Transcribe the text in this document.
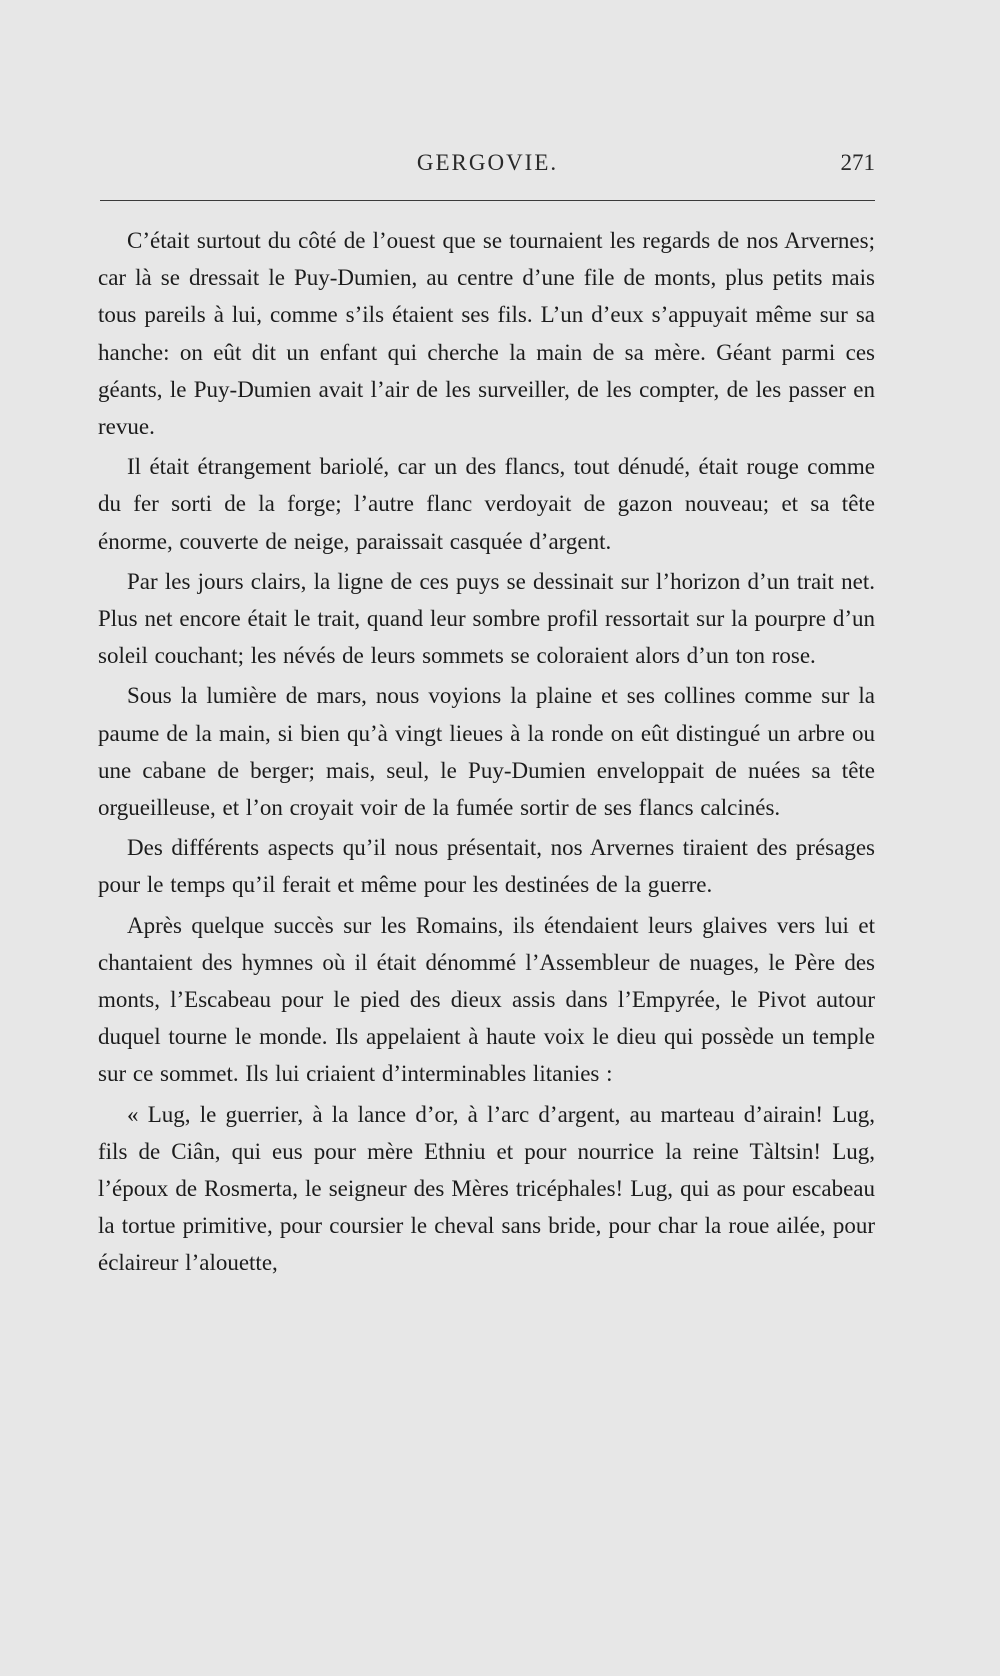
GERGOVIE.	271

C’était surtout du côté de l’ouest que se tournaient les regards de nos Arvernes; car là se dressait le Puy-Dumien, au centre d’une file de monts, plus petits mais tous pareils à lui, comme s’ils étaient ses fils. L’un d’eux s’appuyait même sur sa hanche: on eût dit un enfant qui cherche la main de sa mère. Géant parmi ces géants, le Puy-Dumien avait l’air de les surveiller, de les compter, de les passer en revue.

Il était étrangement bariolé, car un des flancs, tout dénudé, était rouge comme du fer sorti de la forge; l’autre flanc verdoyait de gazon nouveau; et sa tête énorme, couverte de neige, paraissait casquée d’argent.

Par les jours clairs, la ligne de ces puys se dessinait sur l’horizon d’un trait net. Plus net encore était le trait, quand leur sombre profil ressortait sur la pourpre d’un soleil couchant; les névés de leurs sommets se coloraient alors d’un ton rose.

Sous la lumière de mars, nous voyions la plaine et ses collines comme sur la paume de la main, si bien qu’à vingt lieues à la ronde on eût distingué un arbre ou une cabane de berger; mais, seul, le Puy-Dumien enveloppait de nuées sa tête orgueilleuse, et l’on croyait voir de la fumée sortir de ses flancs calcinés.

Des différents aspects qu’il nous présentait, nos Arvernes tiraient des présages pour le temps qu’il ferait et même pour les destinées de la guerre.

Après quelque succès sur les Romains, ils étendaient leurs glaives vers lui et chantaient des hymnes où il était dénommé l’Assembleur de nuages, le Père des monts, l’Escabeau pour le pied des dieux assis dans l’Empyrée, le Pivot autour duquel tourne le monde. Ils appelaient à haute voix le dieu qui possède un temple sur ce sommet. Ils lui criaient d’interminables litanies :

« Lug, le guerrier, à la lance d’or, à l’arc d’argent, au marteau d’airain! Lug, fils de Ciân, qui eus pour mère Ethniu et pour nourrice la reine Tàltsin! Lug, l’époux de Rosmerta, le seigneur des Mères tricéphales! Lug, qui as pour escabeau la tortue primitive, pour coursier le cheval sans bride, pour char la roue ailée, pour éclaireur l’alouette,
